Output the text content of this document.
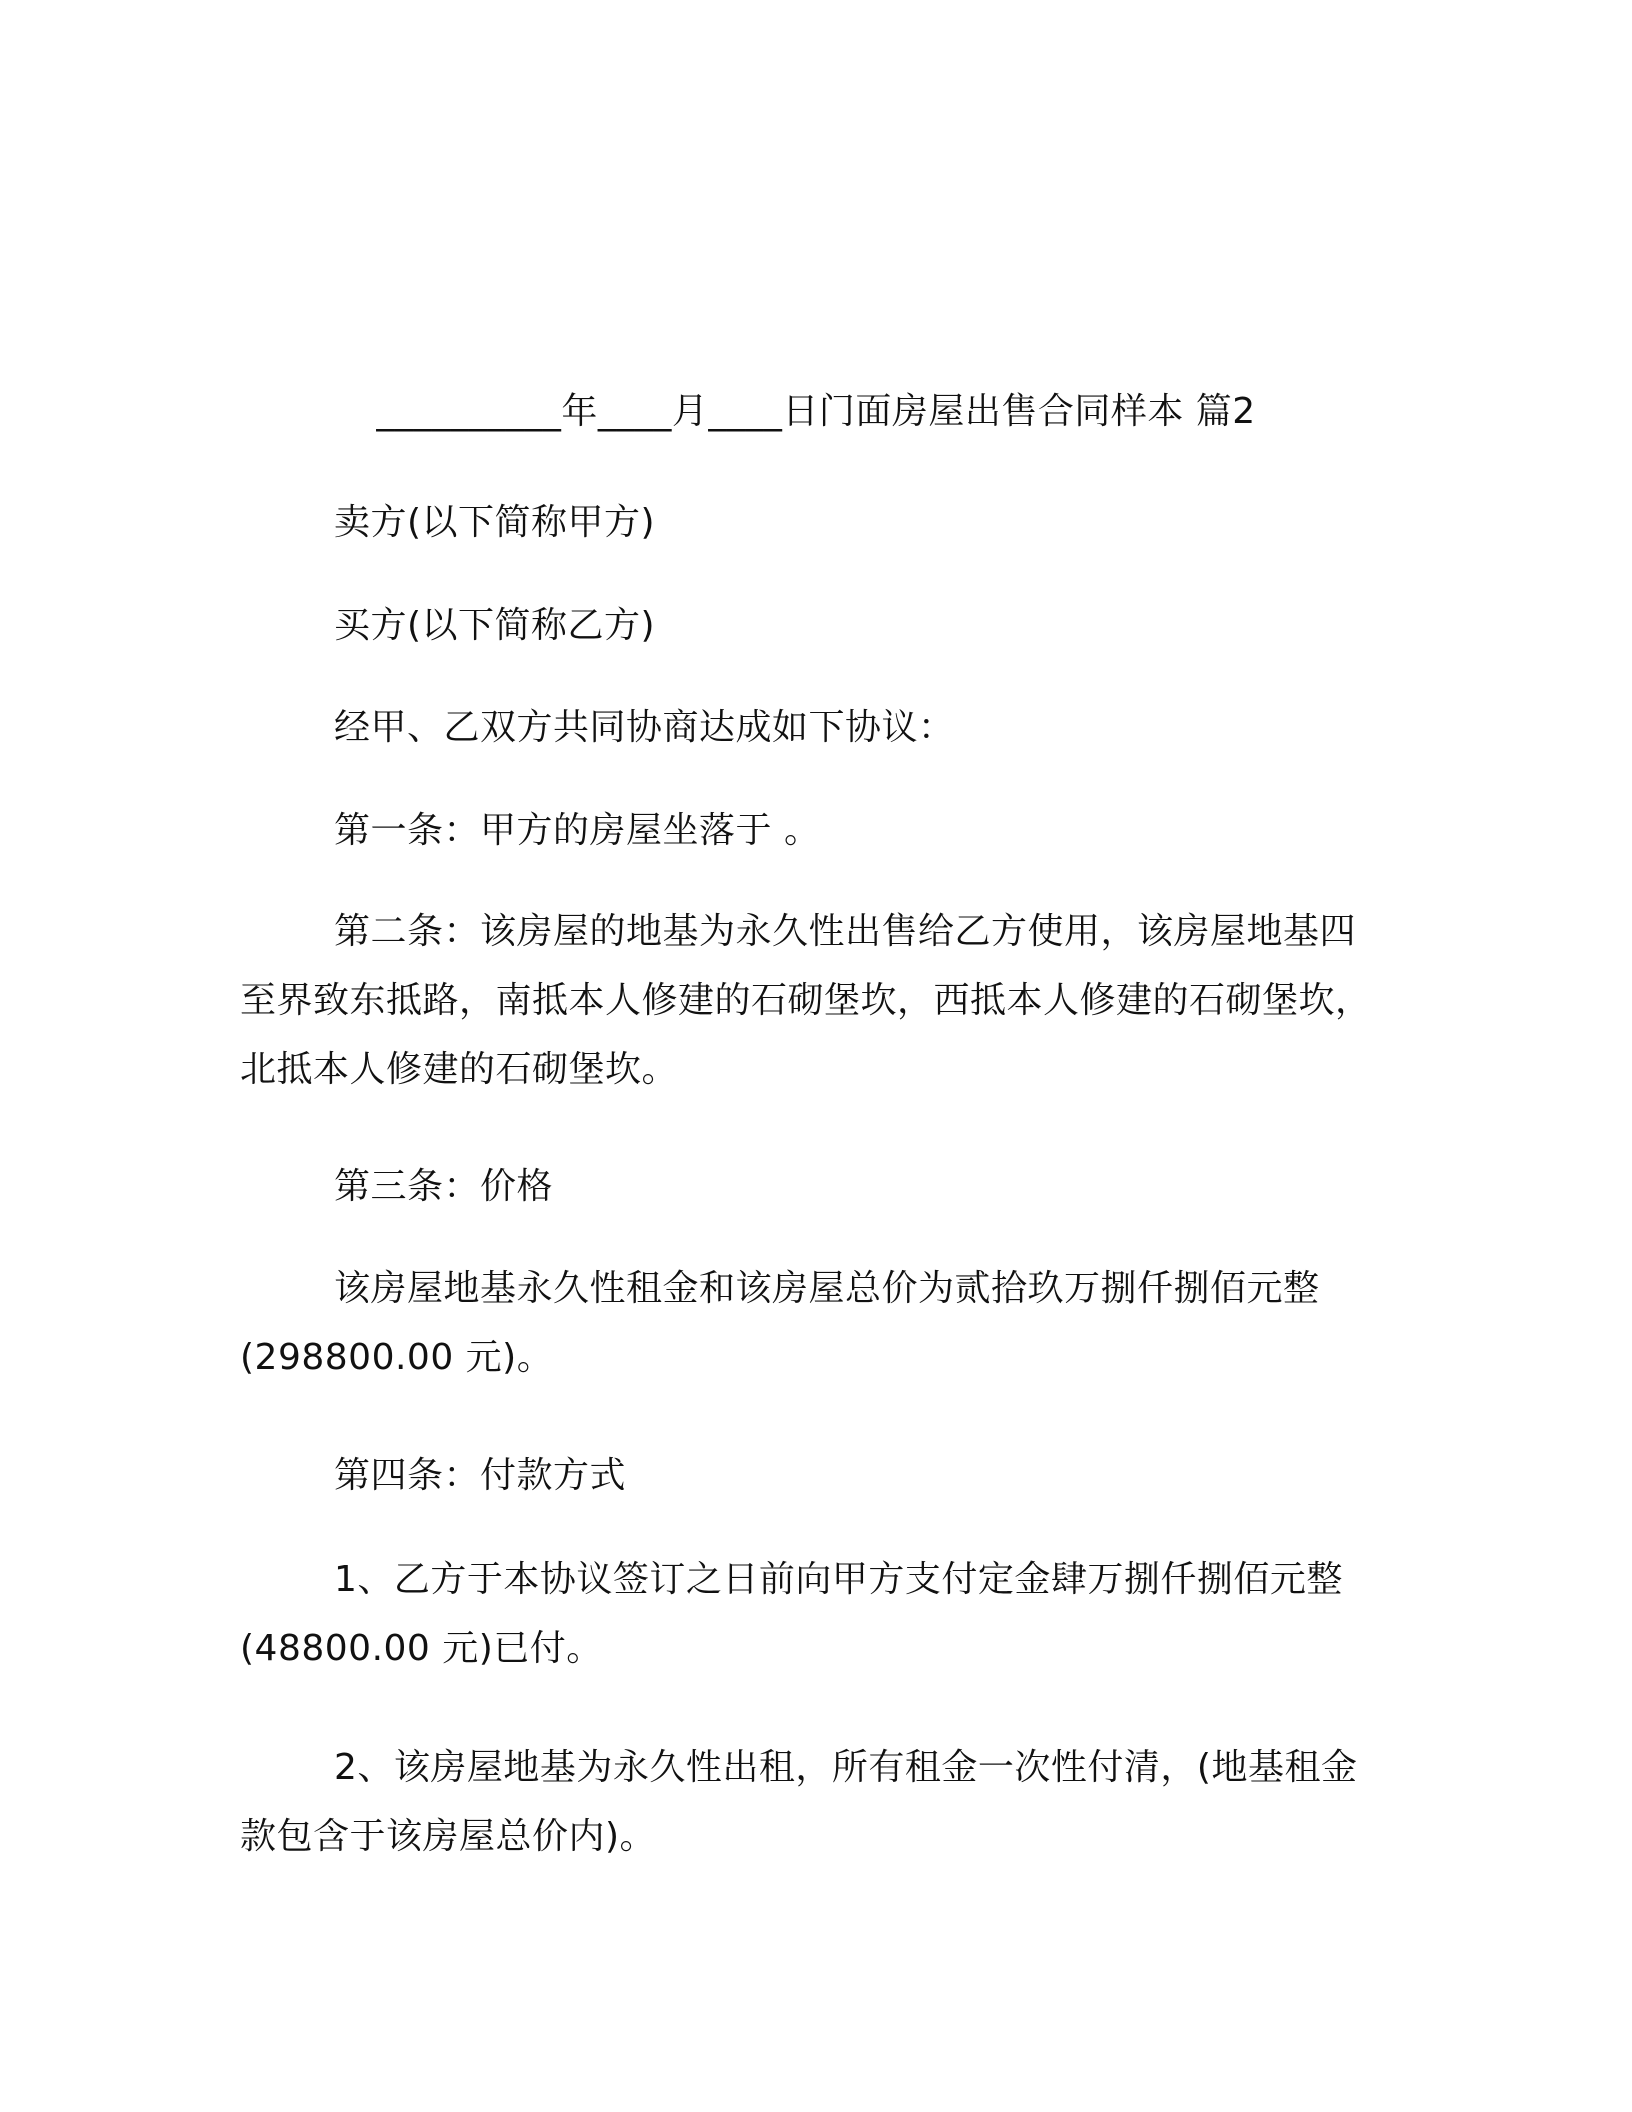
__________年____月____日门面房屋出售合同样本 篇2

卖方(以下简称甲方)

买方(以下简称乙方)

经甲、乙双方共同协商达成如下协议：

第一条：甲方的房屋坐落于 。

第二条：该房屋的地基为永久性出售给乙方使用，该房屋地基四至界致东抵路，南抵本人修建的石砌堡坎，西抵本人修建的石砌堡坎，北抵本人修建的石砌堡坎。

第三条：价格

该房屋地基永久性租金和该房屋总价为贰拾玖万捌仟捌佰元整(298800.00 元)。

第四条：付款方式

1、乙方于本协议签订之日前向甲方支付定金肆万捌仟捌佰元整(48800.00 元)已付。

2、该房屋地基为永久性出租，所有租金一次性付清，(地基租金款包含于该房屋总价内)。
